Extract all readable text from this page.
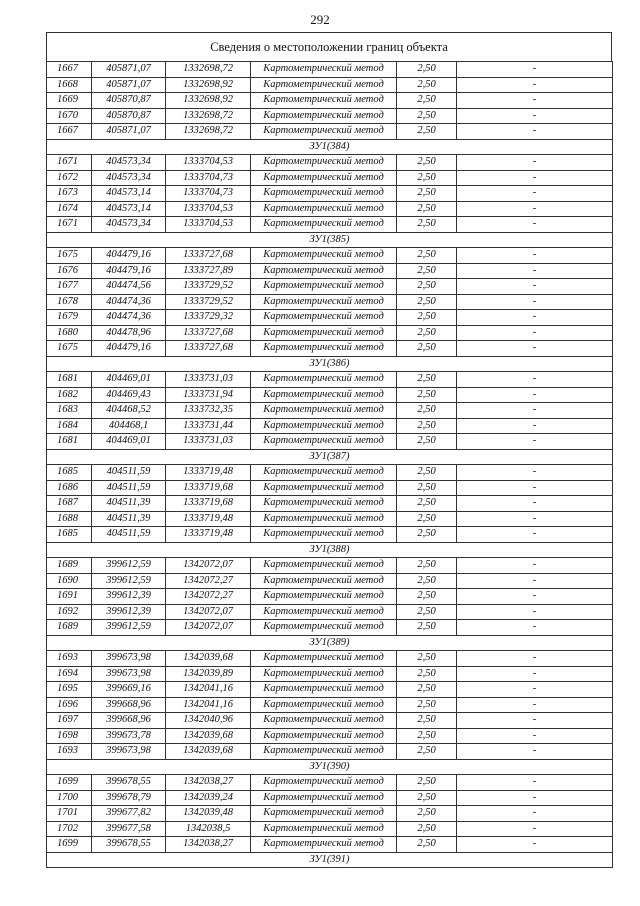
292
Сведения о местоположении границ объекта
1667	405871,07	1332698,72	Картометрический метод	2,50	-
1668	405871,07	1332698,92	Картометрический метод	2,50	-
1669	405870,87	1332698,92	Картометрический метод	2,50	-
1670	405870,87	1332698,72	Картометрический метод	2,50	-
1667	405871,07	1332698,72	Картометрический метод	2,50	-
ЗУ1(384)					
1671	404573,34	1333704,53	Картометрический метод	2,50	-
1672	404573,34	1333704,73	Картометрический метод	2,50	-
1673	404573,14	1333704,73	Картометрический метод	2,50	-
1674	404573,14	1333704,53	Картометрический метод	2,50	-
1671	404573,34	1333704,53	Картометрический метод	2,50	-
ЗУ1(385)					
1675	404479,16	1333727,68	Картометрический метод	2,50	-
1676	404479,16	1333727,89	Картометрический метод	2,50	-
1677	404474,56	1333729,52	Картометрический метод	2,50	-
1678	404474,36	1333729,52	Картометрический метод	2,50	-
1679	404474,36	1333729,32	Картометрический метод	2,50	-
1680	404478,96	1333727,68	Картометрический метод	2,50	-
1675	404479,16	1333727,68	Картометрический метод	2,50	-
ЗУ1(386)					
1681	404469,01	1333731,03	Картометрический метод	2,50	-
1682	404469,43	1333731,94	Картометрический метод	2,50	-
1683	404468,52	1333732,35	Картометрический метод	2,50	-
1684	404468,1	1333731,44	Картометрический метод	2,50	-
1681	404469,01	1333731,03	Картометрический метод	2,50	-
ЗУ1(387)					
1685	404511,59	1333719,48	Картометрический метод	2,50	-
1686	404511,59	1333719,68	Картометрический метод	2,50	-
1687	404511,39	1333719,68	Картометрический метод	2,50	-
1688	404511,39	1333719,48	Картометрический метод	2,50	-
1685	404511,59	1333719,48	Картометрический метод	2,50	-
ЗУ1(388)					
1689	399612,59	1342072,07	Картометрический метод	2,50	-
1690	399612,59	1342072,27	Картометрический метод	2,50	-
1691	399612,39	1342072,27	Картометрический метод	2,50	-
1692	399612,39	1342072,07	Картометрический метод	2,50	-
1689	399612,59	1342072,07	Картометрический метод	2,50	-
ЗУ1(389)					
1693	399673,98	1342039,68	Картометрический метод	2,50	-
1694	399673,98	1342039,89	Картометрический метод	2,50	-
1695	399669,16	1342041,16	Картометрический метод	2,50	-
1696	399668,96	1342041,16	Картометрический метод	2,50	-
1697	399668,96	1342040,96	Картометрический метод	2,50	-
1698	399673,78	1342039,68	Картометрический метод	2,50	-
1693	399673,98	1342039,68	Картометрический метод	2,50	-
ЗУ1(390)					
1699	399678,55	1342038,27	Картометрический метод	2,50	-
1700	399678,79	1342039,24	Картометрический метод	2,50	-
1701	399677,82	1342039,48	Картометрический метод	2,50	-
1702	399677,58	1342038,5	Картометрический метод	2,50	-
1699	399678,55	1342038,27	Картометрический метод	2,50	-
ЗУ1(391)					
